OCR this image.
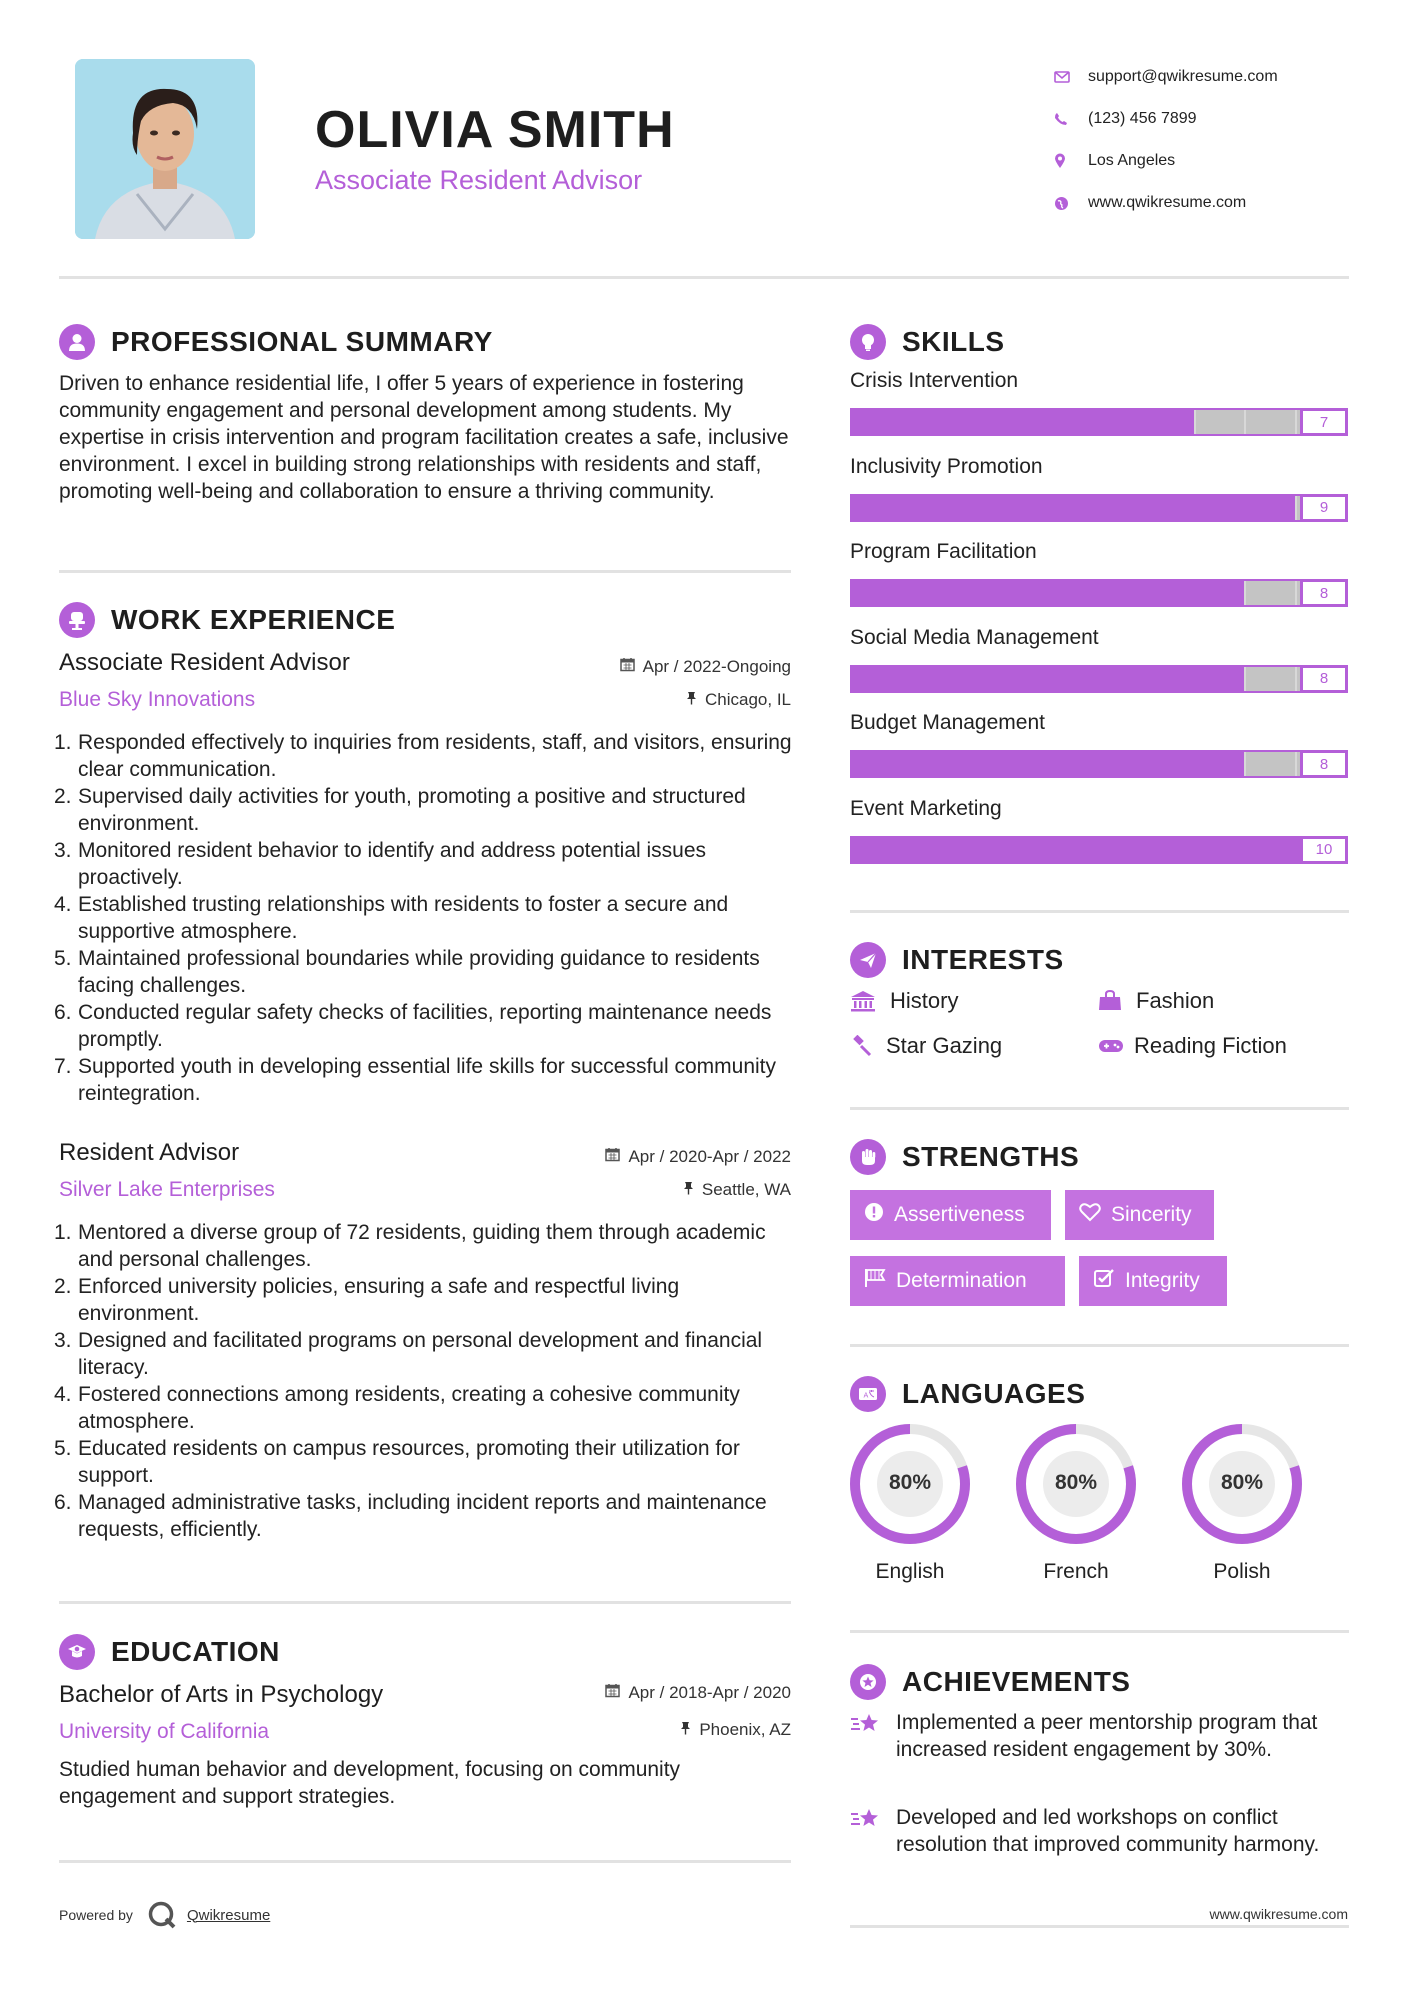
OLIVIA SMITH
Associate Resident Advisor
support@qwikresume.com
(123) 456 7899
Los Angeles
www.qwikresume.com
PROFESSIONAL SUMMARY
Driven to enhance residential life, I offer 5 years of experience in fostering community engagement and personal development among students. My expertise in crisis intervention and program facilitation creates a safe, inclusive environment. I excel in building strong relationships with residents and staff, promoting well-being and collaboration to ensure a thriving community.
WORK EXPERIENCE
Associate Resident Advisor	Apr / 2022-Ongoing
Blue Sky Innovations	Chicago, IL
1. Responded effectively to inquiries from residents, staff, and visitors, ensuring clear communication.
2. Supervised daily activities for youth, promoting a positive and structured environment.
3. Monitored resident behavior to identify and address potential issues proactively.
4. Established trusting relationships with residents to foster a secure and supportive atmosphere.
5. Maintained professional boundaries while providing guidance to residents facing challenges.
6. Conducted regular safety checks of facilities, reporting maintenance needs promptly.
7. Supported youth in developing essential life skills for successful community reintegration.
Resident Advisor	Apr / 2020-Apr / 2022
Silver Lake Enterprises	Seattle, WA
1. Mentored a diverse group of 72 residents, guiding them through academic and personal challenges.
2. Enforced university policies, ensuring a safe and respectful living environment.
3. Designed and facilitated programs on personal development and financial literacy.
4. Fostered connections among residents, creating a cohesive community atmosphere.
5. Educated residents on campus resources, promoting their utilization for support.
6. Managed administrative tasks, including incident reports and maintenance requests, efficiently.
EDUCATION
Bachelor of Arts in Psychology	Apr / 2018-Apr / 2020
University of California	Phoenix, AZ
Studied human behavior and development, focusing on community engagement and support strategies.
SKILLS
Crisis Intervention
7
Inclusivity Promotion
9
Program Facilitation
8
Social Media Management
8
Budget Management
8
Event Marketing
10
INTERESTS
History	Fashion
Star Gazing	Reading Fiction
STRENGTHS
Assertiveness	Sincerity
Determination	Integrity
A LANGUAGES
80%
English
80%
French
80%
Polish
ACHIEVEMENTS
Implemented a peer mentorship program that increased resident engagement by 30%.
Developed and led workshops on conflict resolution that improved community harmony.
Powered by	Qwikresume	www.qwikresume.com
